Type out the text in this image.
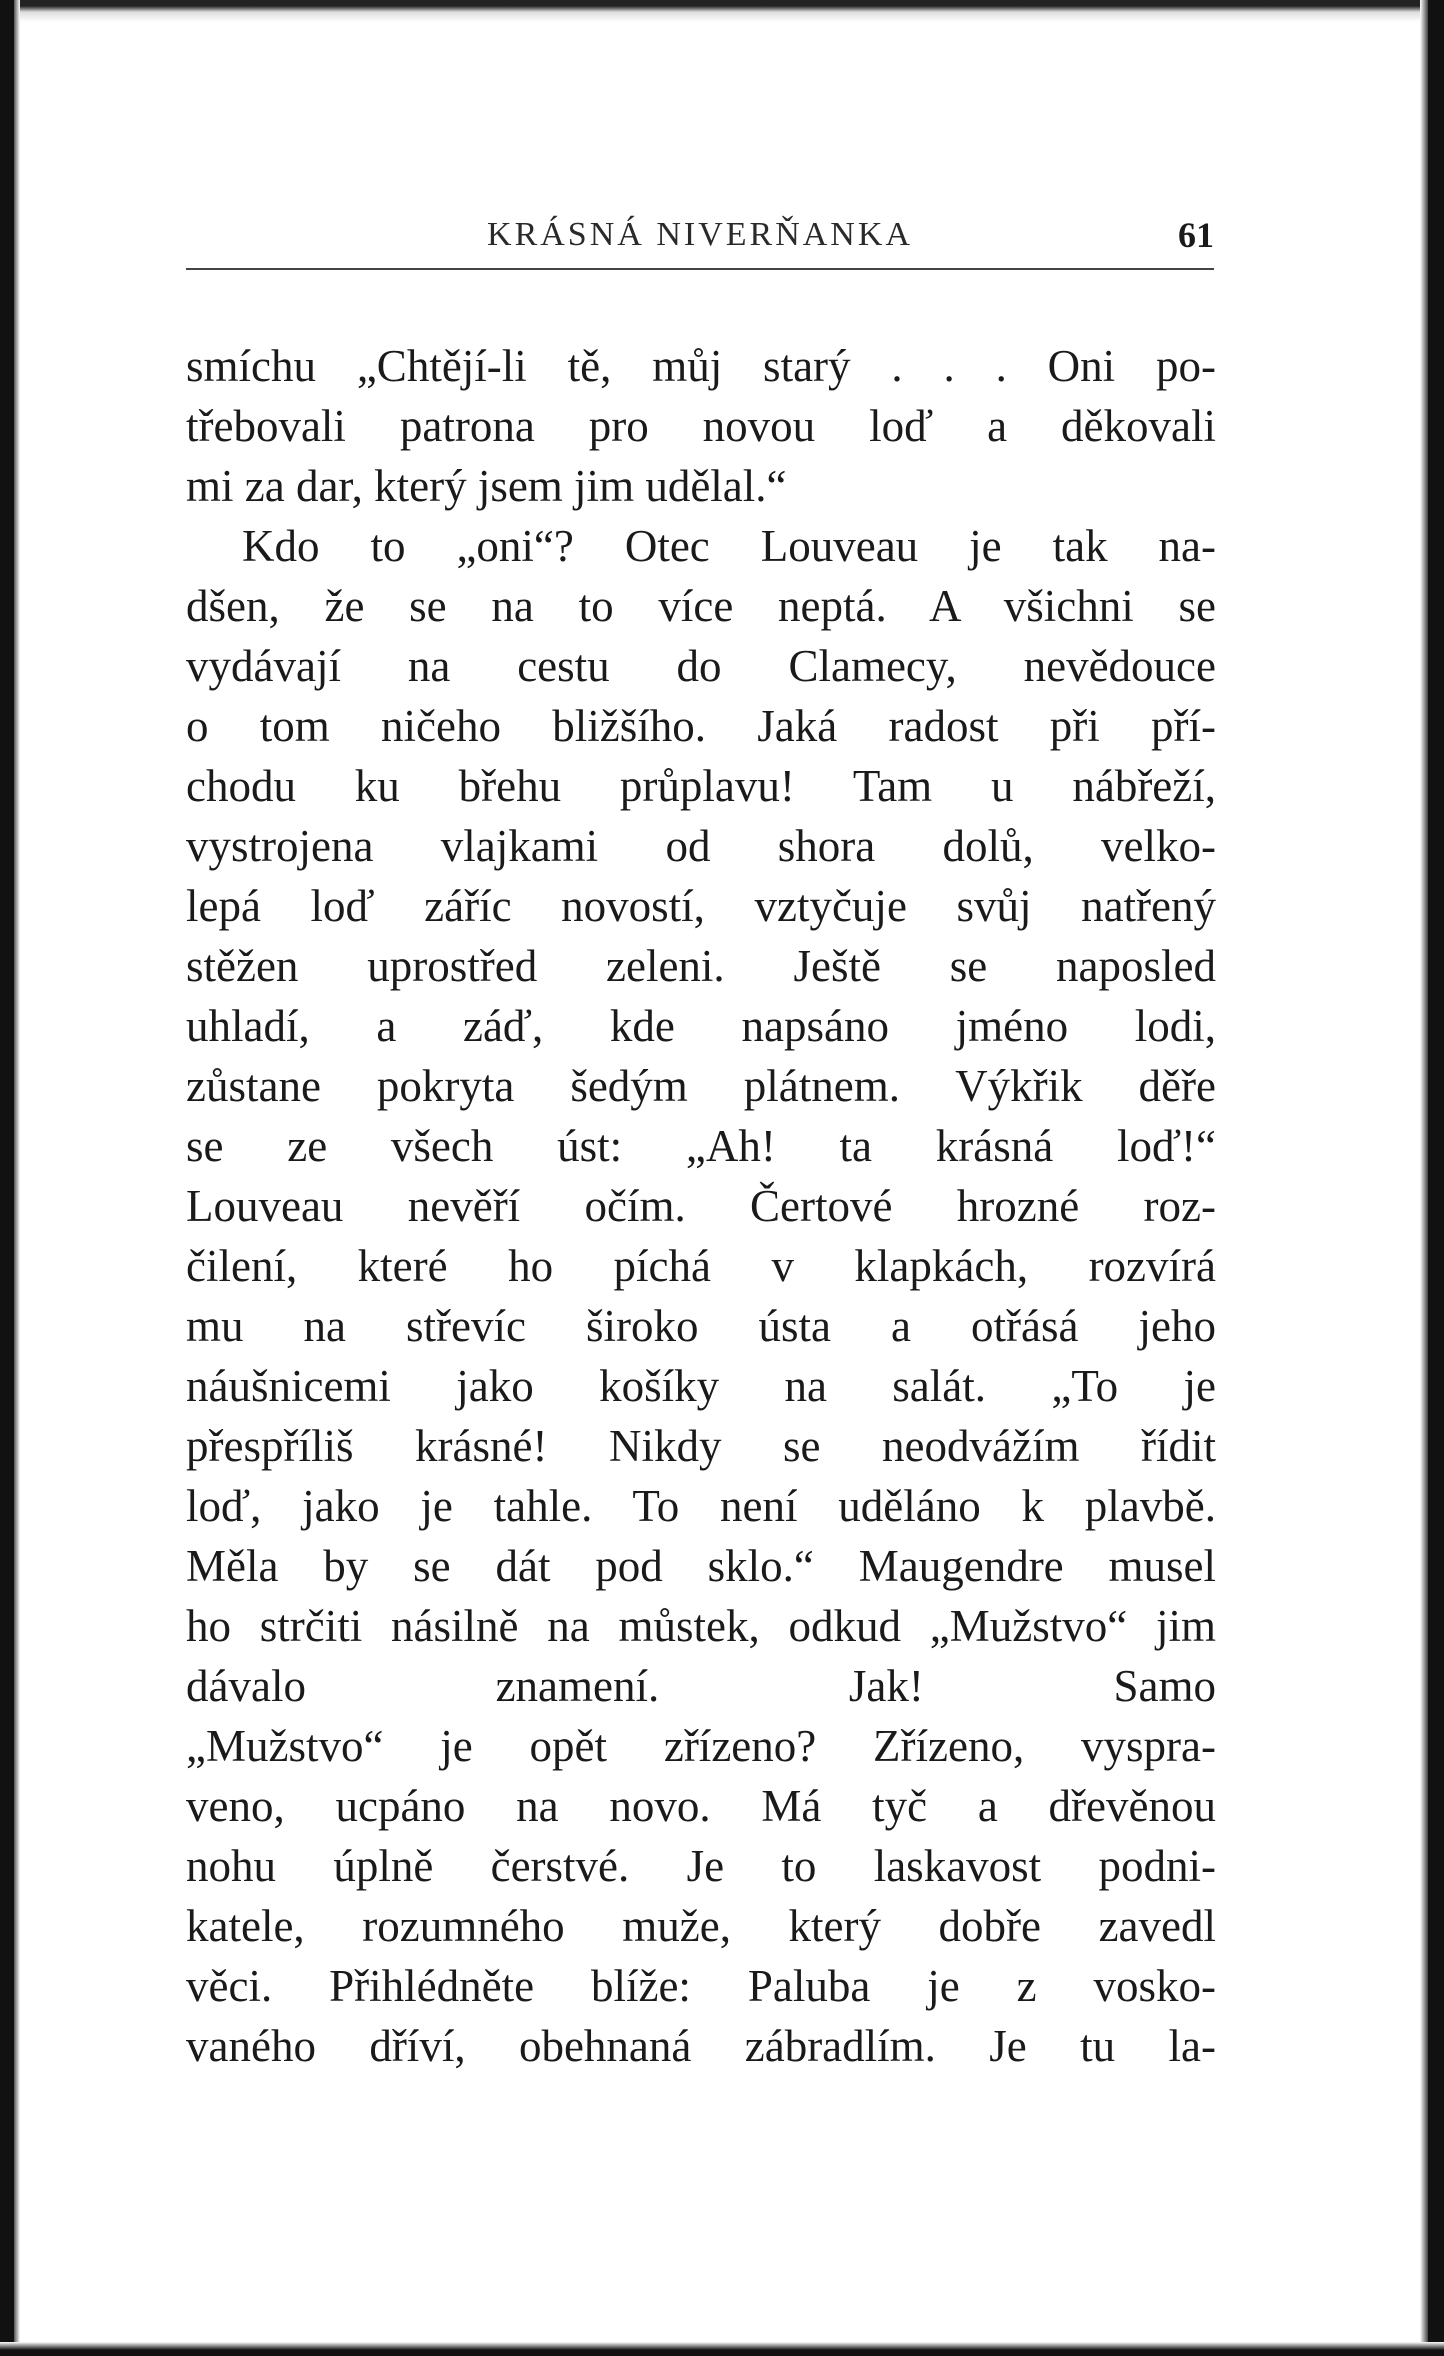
KRÁSNÁ NIVERŇANKA	61
smíchu „Chtějí-li tě, můj starý . . . Oni po-
třebovali patrona pro novou loď a děkovali
mi za dar, který jsem jim udělal.“
Kdo to „oni“? Otec Louveau je tak na-
dšen, že se na to více neptá. A všichni se
vydávají na cestu do Clamecy, nevědouce
o tom ničeho bližšího. Jaká radost při pří-
chodu ku břehu průplavu! Tam u nábřeží,
vystrojena vlajkami od shora dolů, velko-
lepá loď záříc novostí, vztyčuje svůj natřený
stěžen uprostřed zeleni. Ještě se naposled
uhladí, a záď, kde napsáno jméno lodi,
zůstane pokryta šedým plátnem. Výkřik děře
se ze všech úst: „Ah! ta krásná loď!“
Louveau nevěří očím. Čertové hrozné roz-
čilení, které ho píchá v klapkách, rozvírá
mu na střevíc široko ústa a otřásá jeho
náušnicemi jako košíky na salát. „To je
přespříliš krásné! Nikdy se neodvážím řídit
loď, jako je tahle. To není uděláno k plavbě.
Měla by se dát pod sklo.“ Maugendre musel
ho strčiti násilně na můstek, odkud „Mužstvo“ jim dávalo znamení. Jak! Samo
„Mužstvo“ je opět zřízeno? Zřízeno, vyspra-
veno, ucpáno na novo. Má tyč a dřevěnou
nohu úplně čerstvé. Je to laskavost podni-
katele, rozumného muže, který dobře zavedl
věci. Přihlédněte blíže: Paluba je z vosko-
vaného dříví, obehnaná zábradlím. Je tu la-
